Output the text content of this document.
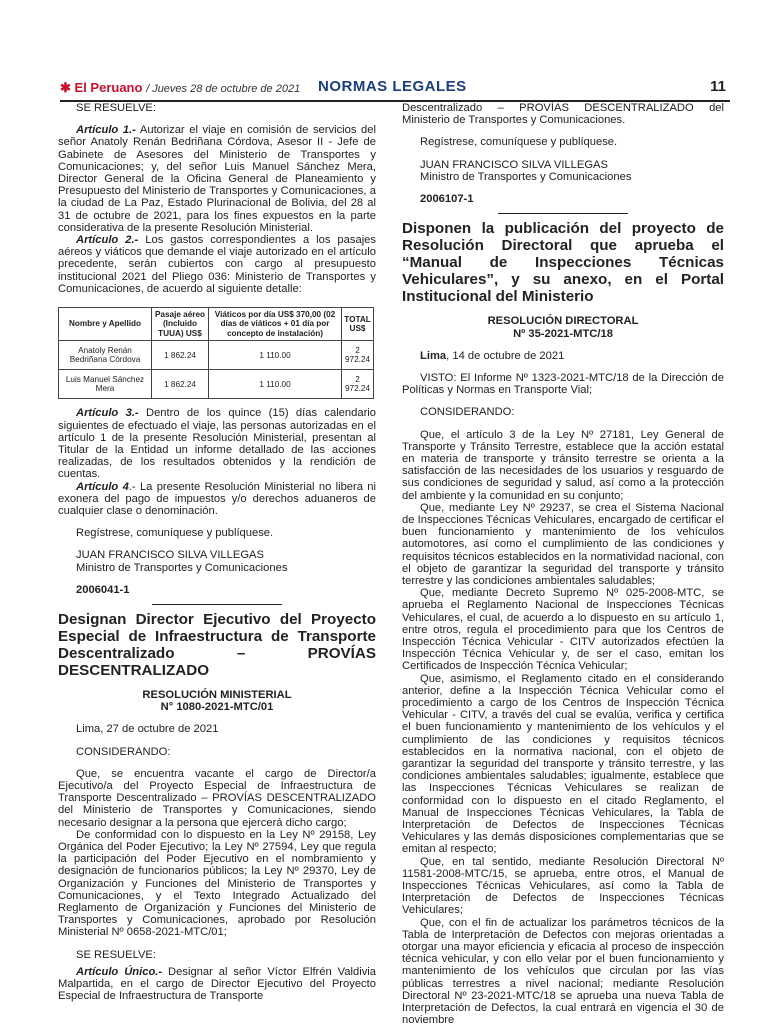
✱ El Peruano / Jueves 28 de octubre de 2021 NORMAS LEGALES	11

SE RESUELVE:

Artículo 1.- Autorizar el viaje en comisión de servicios del señor Anatoly Renán Bedriñana Córdova, Asesor II - Jefe de Gabinete de Asesores del Ministerio de Transportes y Comunicaciones; y, del señor Luis Manuel Sánchez Mera, Director General de la Oficina General de Planeamiento y Presupuesto del Ministerio de Transportes y Comunicaciones, a la ciudad de La Paz, Estado Plurinacional de Bolivia, del 28 al 31 de octubre de 2021, para los fines expuestos en la parte considerativa de la presente Resolución Ministerial.

Artículo 2.- Los gastos correspondientes a los pasajes aéreos y viáticos que demande el viaje autorizado en el artículo precedente, serán cubiertos con cargo al presupuesto institucional 2021 del Pliego 036: Ministerio de Transportes y Comunicaciones, de acuerdo al siguiente detalle:

Nombre y Apellido	Pasaje aéreo (Incluido TUUA) US$	Viáticos por día US$ 370,00 (02 días de viáticos + 01 día por concepto de instalación)	TOTAL US$
Anatoly Renán Bedriñana Córdova	1 862.24	1 110.00	2 972.24
Luis Manuel Sánchez Mera	1 862.24	1 110.00	2 972.24

Artículo 3.- Dentro de los quince (15) días calendario siguientes de efectuado el viaje, las personas autorizadas en el artículo 1 de la presente Resolución Ministerial, presentan al Titular de la Entidad un informe detallado de las acciones realizadas, de los resultados obtenidos y la rendición de cuentas.

Artículo 4.- La presente Resolución Ministerial no libera ni exonera del pago de impuestos y/o derechos aduaneros de cualquier clase o denominación.

Regístrese, comuníquese y publíquese.

JUAN FRANCISCO SILVA VILLEGAS

Ministro de Transportes y Comunicaciones

2006041-1

Designan Director Ejecutivo del Proyecto Especial de Infraestructura de Transporte Descentralizado – PROVÍAS DESCENTRALIZADO

RESOLUCIÓN MINISTERIAL

N° 1080-2021-MTC/01

Lima, 27 de octubre de 2021

CONSIDERANDO:

Que, se encuentra vacante el cargo de Director/a Ejecutivo/a del Proyecto Especial de Infraestructura de Transporte Descentralizado – PROVÍAS DESCENTRALIZADO del Ministerio de Transportes y Comunicaciones, siendo necesario designar a la persona que ejercerá dicho cargo;

De conformidad con lo dispuesto en la Ley Nº 29158, Ley Orgánica del Poder Ejecutivo; la Ley Nº 27594, Ley que regula la participación del Poder Ejecutivo en el nombramiento y designación de funcionarios públicos; la Ley Nº 29370, Ley de Organización y Funciones del Ministerio de Transportes y Comunicaciones, y el Texto Integrado Actualizado del Reglamento de Organización y Funciones del Ministerio de Transportes y Comunicaciones, aprobado por Resolución Ministerial Nº 0658-2021-MTC/01;

SE RESUELVE:

Artículo Único.- Designar al señor Víctor Elfrén Valdivia Malpartida, en el cargo de Director Ejecutivo del Proyecto Especial de Infraestructura de Transporte

Descentralizado – PROVÍAS DESCENTRALIZADO del Ministerio de Transportes y Comunicaciones.

Regístrese, comuníquese y publíquese.

JUAN FRANCISCO SILVA VILLEGAS

Ministro de Transportes y Comunicaciones

2006107-1

Disponen la publicación del proyecto de Resolución Directoral que aprueba el “Manual de Inspecciones Técnicas Vehiculares”, y su anexo, en el Portal Institucional del Ministerio

RESOLUCIÓN DIRECTORAL

Nº 35-2021-MTC/18

Lima, 14 de octubre de 2021

VISTO: El Informe Nº 1323-2021-MTC/18 de la Dirección de Políticas y Normas en Transporte Vial;

CONSIDERANDO:

Que, el artículo 3 de la Ley Nº 27181, Ley General de Transporte y Tránsito Terrestre, establece que la acción estatal en materia de transporte y tránsito terrestre se orienta a la satisfacción de las necesidades de los usuarios y resguardo de sus condiciones de seguridad y salud, así como a la protección del ambiente y la comunidad en su conjunto;

Que, mediante Ley Nº 29237, se crea el Sistema Nacional de Inspecciones Técnicas Vehiculares, encargado de certificar el buen funcionamiento y mantenimiento de los vehículos automotores, así como el cumplimiento de las condiciones y requisitos técnicos establecidos en la normatividad nacional, con el objeto de garantizar la seguridad del transporte y tránsito terrestre y las condiciones ambientales saludables;

Que, mediante Decreto Supremo Nº 025-2008-MTC, se aprueba el Reglamento Nacional de Inspecciones Técnicas Vehiculares, el cual, de acuerdo a lo dispuesto en su artículo 1, entre otros, regula el procedimiento para que los Centros de Inspección Técnica Vehicular - CITV autorizados efectúen la Inspección Técnica Vehicular y, de ser el caso, emitan los Certificados de Inspección Técnica Vehicular;

Que, asimismo, el Reglamento citado en el considerando anterior, define a la Inspección Técnica Vehicular como el procedimiento a cargo de los Centros de Inspección Técnica Vehicular - CITV, a través del cual se evalúa, verifica y certifica el buen funcionamiento y mantenimiento de los vehículos y el cumplimiento de las condiciones y requisitos técnicos establecidos en la normativa nacional, con el objeto de garantizar la seguridad del transporte y tránsito terrestre, y las condiciones ambientales saludables; igualmente, establece que las Inspecciones Técnicas Vehiculares se realizan de conformidad con lo dispuesto en el citado Reglamento, el Manual de Inspecciones Técnicas Vehiculares, la Tabla de Interpretación de Defectos de Inspecciones Técnicas Vehiculares y las demás disposiciones complementarias que se emitan al respecto;

Que, en tal sentido, mediante Resolución Directoral Nº 11581-2008-MTC/15, se aprueba, entre otros, el Manual de Inspecciones Técnicas Vehiculares, así como la Tabla de Interpretación de Defectos de Inspecciones Técnicas Vehiculares;

Que, con el fin de actualizar los parámetros técnicos de la Tabla de Interpretación de Defectos con mejoras orientadas a otorgar una mayor eficiencia y eficacia al proceso de inspección técnica vehicular, y con ello velar por el buen funcionamiento y mantenimiento de los vehículos que circulan por las vías públicas terrestres a nivel nacional; mediante Resolución Directoral Nº 23-2021-MTC/18 se aprueba una nueva Tabla de Interpretación de Defectos, la cual entrará en vigencia el 30 de noviembre
